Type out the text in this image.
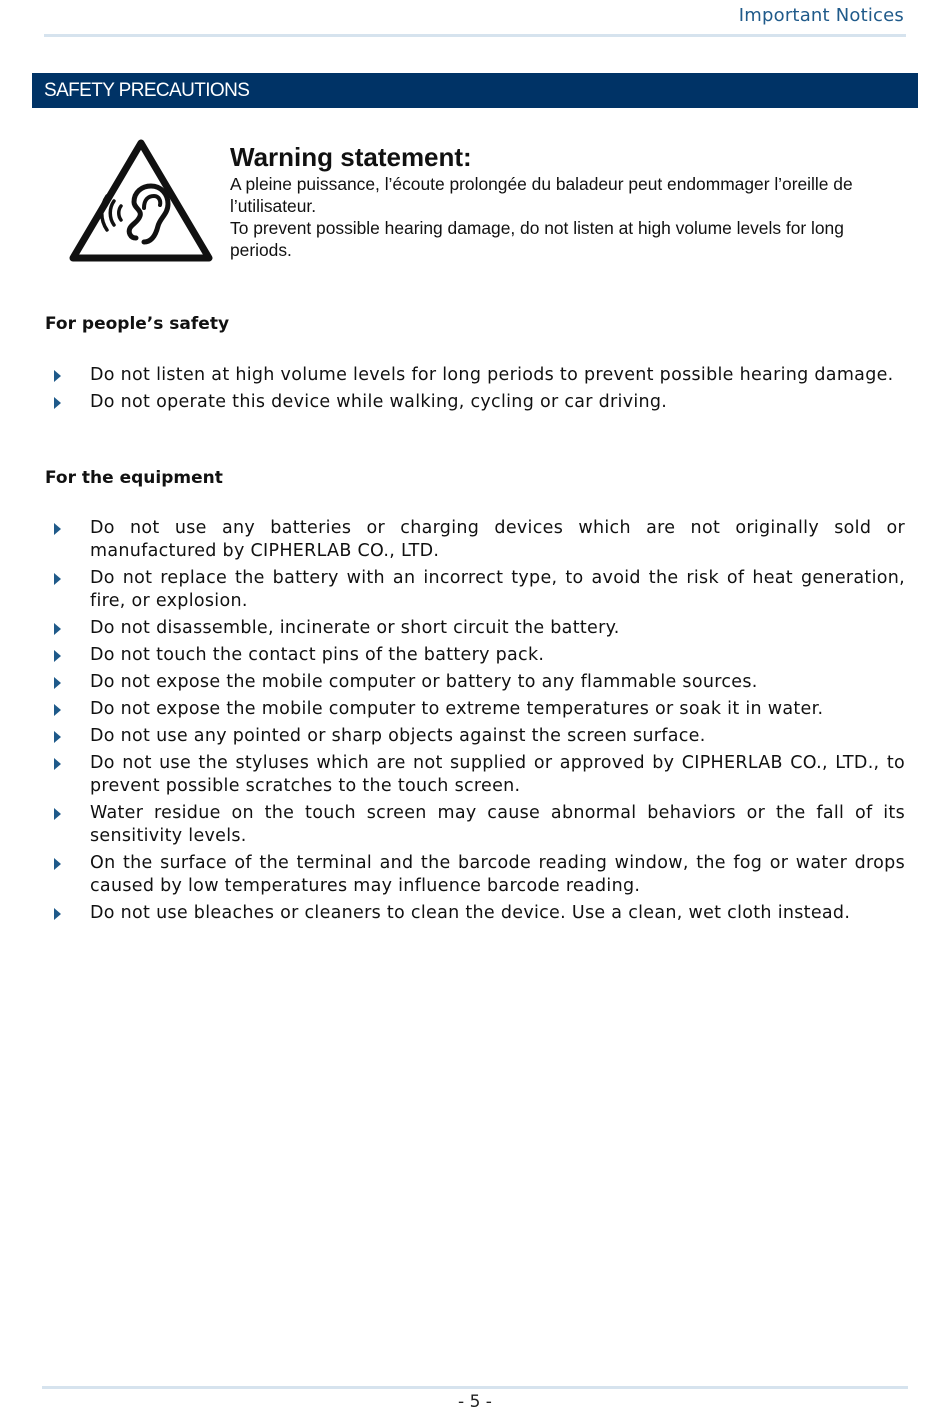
Important Notices
SAFETY PRECAUTIONS
Warning statement:
A pleine puissance, l’écoute prolongée du baladeur peut endommager l’oreille de l’utilisateur.
To prevent possible hearing damage, do not listen at high volume levels for long periods.
For people’s safety
Do not listen at high volume levels for long periods to prevent possible hearing damage.
Do not operate this device while walking, cycling or car driving.
For the equipment
Do not use any batteries or charging devices which are not originally sold or manufactured by CIPHERLAB CO., LTD.
Do not replace the battery with an incorrect type, to avoid the risk of heat generation, fire, or explosion.
Do not disassemble, incinerate or short circuit the battery.
Do not touch the contact pins of the battery pack.
Do not expose the mobile computer or battery to any flammable sources.
Do not expose the mobile computer to extreme temperatures or soak it in water.
Do not use any pointed or sharp objects against the screen surface.
Do not use the styluses which are not supplied or approved by CIPHERLAB CO., LTD., to prevent possible scratches to the touch screen.
Water residue on the touch screen may cause abnormal behaviors or the fall of its sensitivity levels.
On the surface of the terminal and the barcode reading window, the fog or water drops caused by low temperatures may influence barcode reading.
Do not use bleaches or cleaners to clean the device. Use a clean, wet cloth instead.
- 5 -
